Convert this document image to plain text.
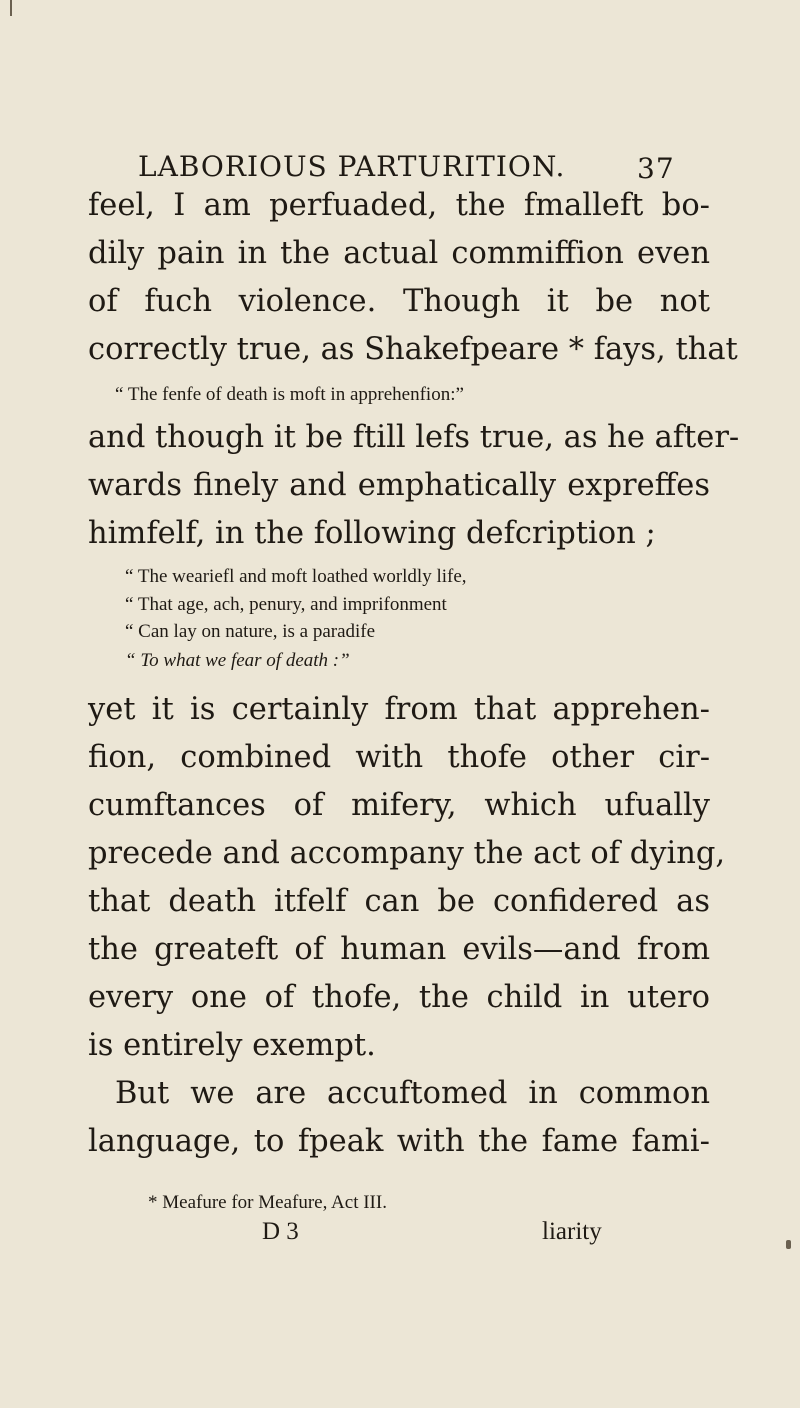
LABORIOUS PARTURITION.	37
feel, I am perfuaded, the fmalleft bo-
dily pain in the actual commiffion even
of fuch violence. Though it be not
correctly true, as Shakefpeare * fays, that
“ The fenfe of death is moft in apprehenfion:”
and though it be ftill lefs true, as he after-
wards finely and emphatically expreffes
himfelf, in the following defcription ;
“ The weariefl and moft loathed worldly life,
“ That age, ach, penury, and imprifonment
“ Can lay on nature, is a paradife
“ To what we fear of death :”
yet it is certainly from that apprehen-
fion, combined with thofe other cir-
cumftances of mifery, which ufually
precede and accompany the act of dying,
that death itfelf can be confidered as
the greateft of human evils—and from
every one of thofe, the child in utero
is entirely exempt.
But we are accuftomed in common
language, to fpeak with the fame fami-
* Meafure for Meafure, Act III.
D 3	liarity
